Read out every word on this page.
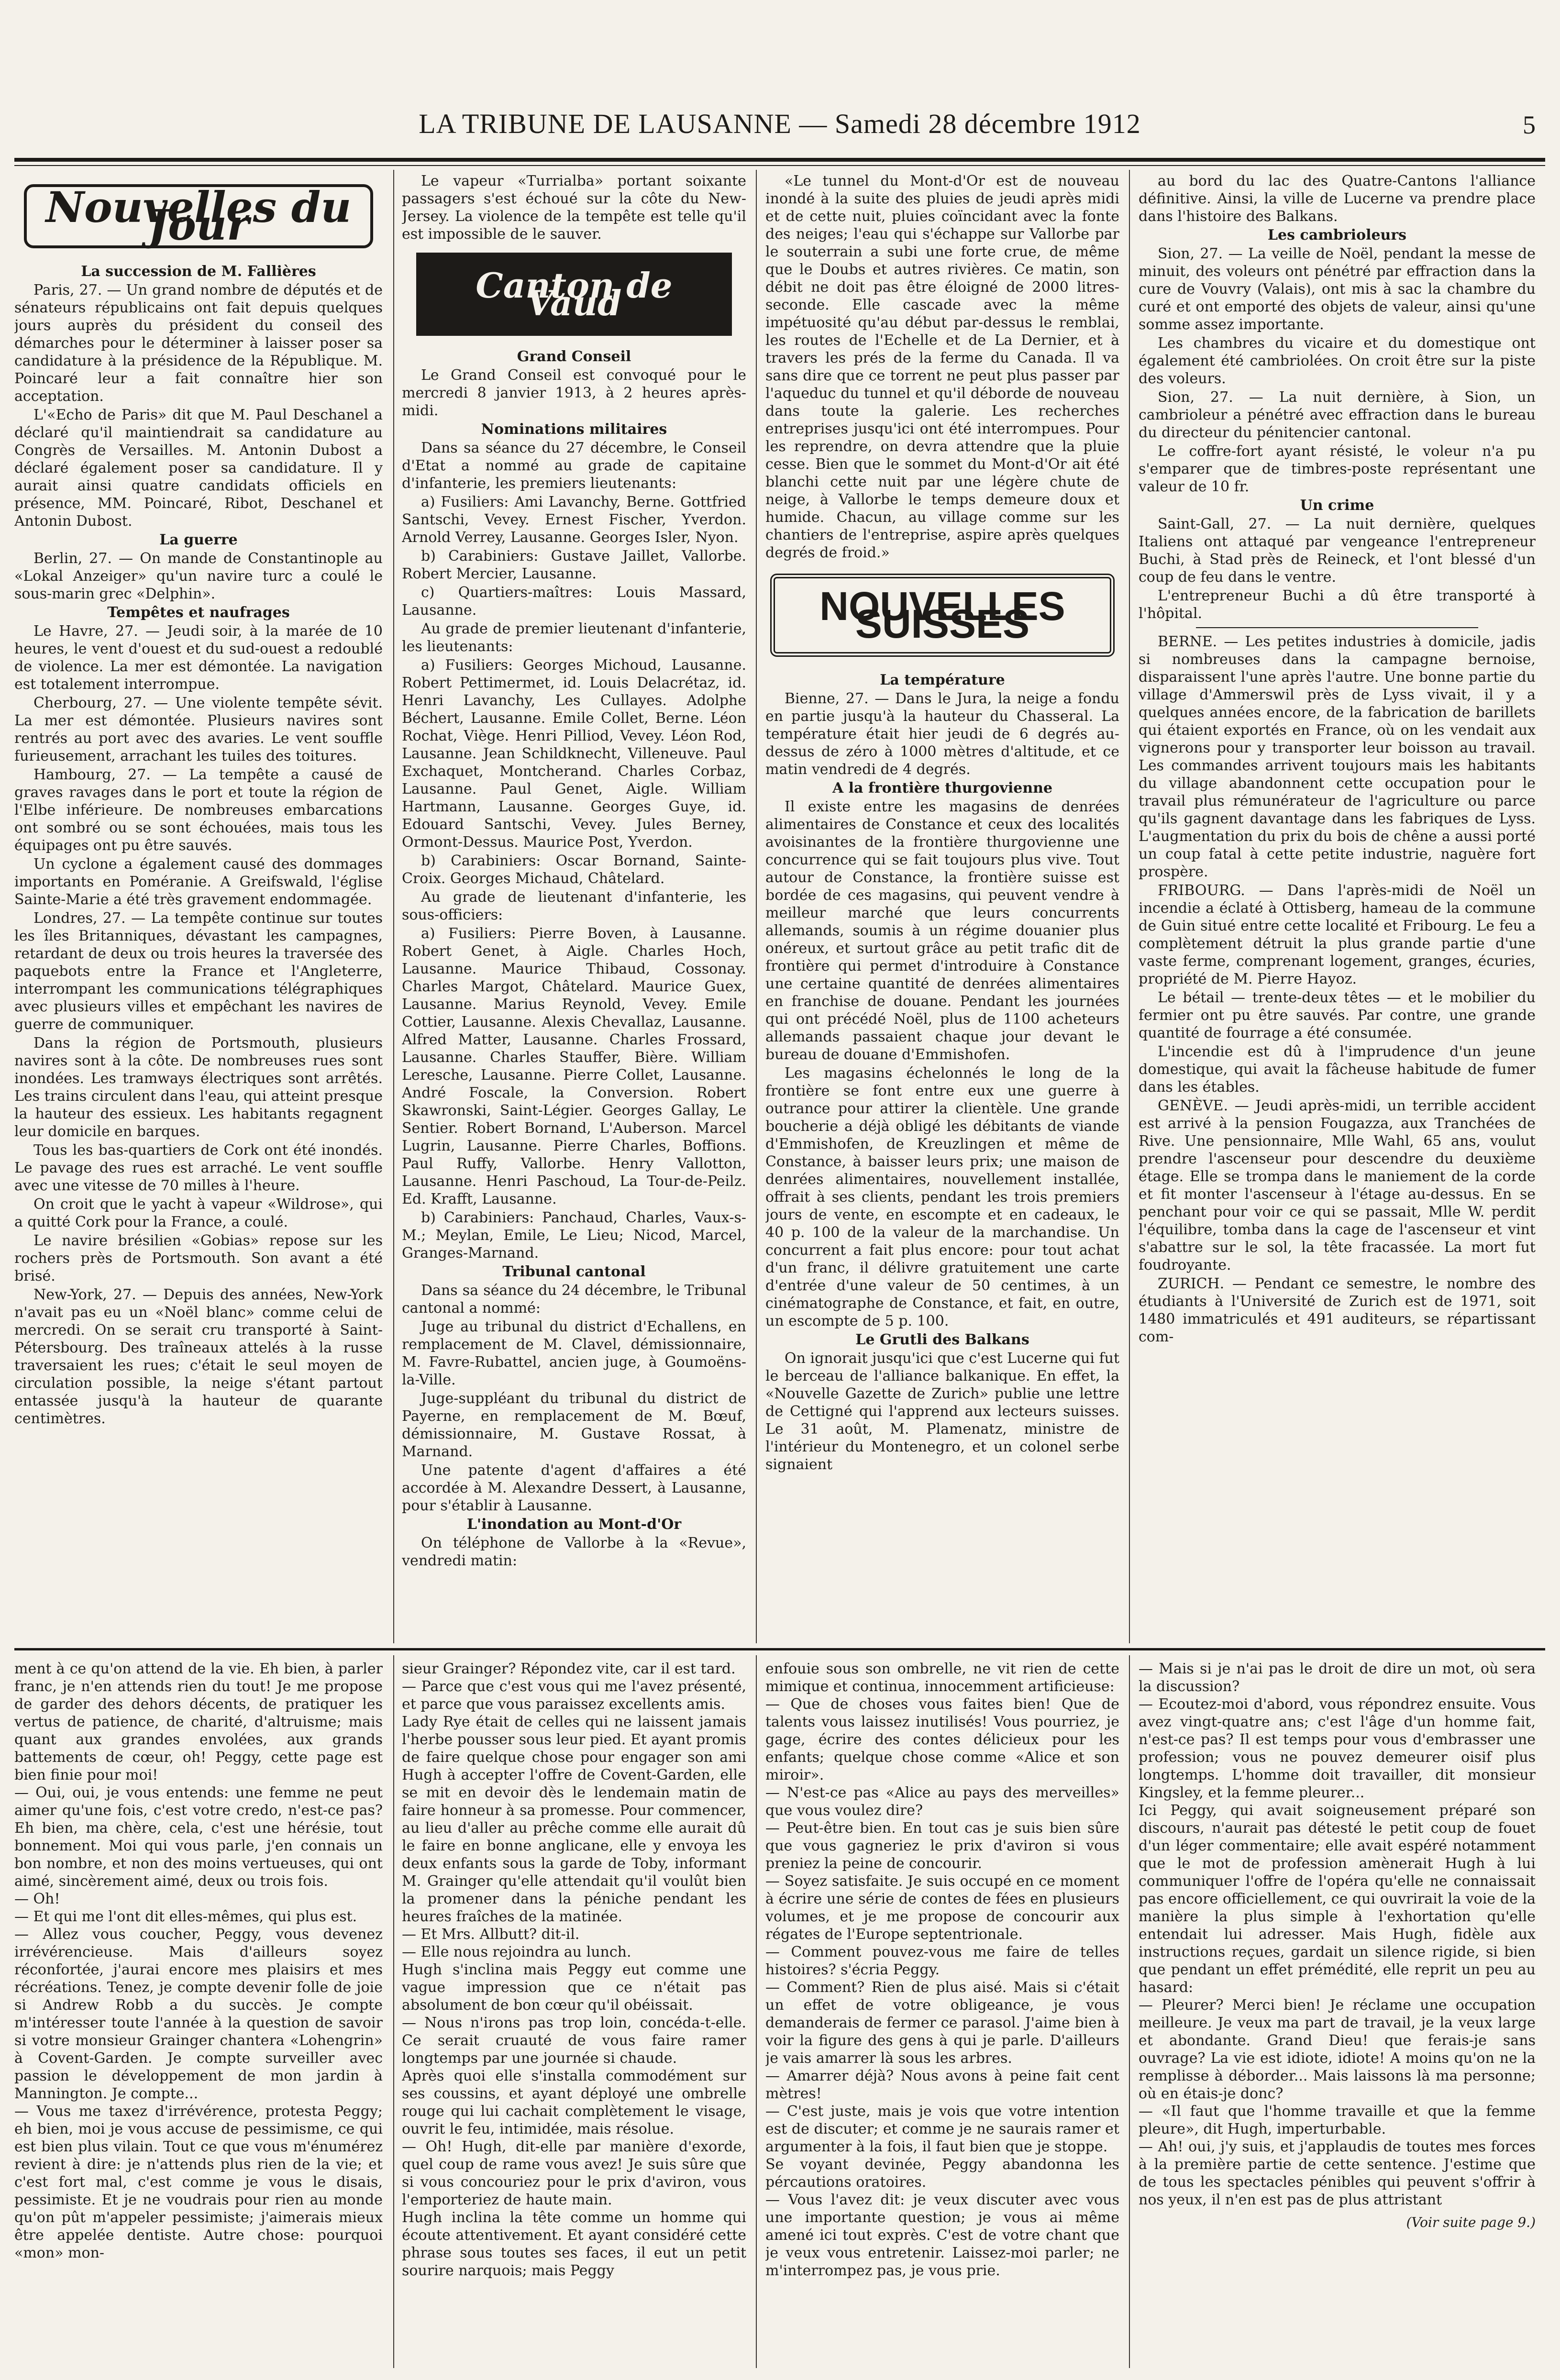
LA TRIBUNE DE LAUSANNE — Samedi 28 décembre 1912	5
Nouvelles du Jour

La succession de M. Fallières

Paris, 27. — Un grand nombre de députés et de sénateurs républicains ont fait depuis quelques jours auprès du président du conseil des démarches pour le déterminer à laisser poser sa candidature à la présidence de la République. M. Poincaré leur a fait connaître hier son acceptation.

L'«Echo de Paris» dit que M. Paul Deschanel a déclaré qu'il maintiendrait sa candidature au Congrès de Versailles. M. Antonin Dubost a déclaré également poser sa candidature. Il y aurait ainsi quatre candidats officiels en présence, MM. Poincaré, Ribot, Deschanel et Antonin Dubost.

La guerre

Berlin, 27. — On mande de Constantinople au «Lokal Anzeiger» qu'un navire turc a coulé le sous-marin grec «Delphin».

Tempêtes et naufrages

Le Havre, 27. — Jeudi soir, à la marée de 10 heures, le vent d'ouest et du sud-ouest a redoublé de violence. La mer est démontée. La navigation est totalement interrompue.

Cherbourg, 27. — Une violente tempête sévit. La mer est démontée. Plusieurs navires sont rentrés au port avec des avaries. Le vent souffle furieusement, arrachant les tuiles des toitures.

Hambourg, 27. — La tempête a causé de graves ravages dans le port et toute la région de l'Elbe inférieure. De nombreuses embarcations ont sombré ou se sont échouées, mais tous les équipages ont pu être sauvés.

Un cyclone a également causé des dommages importants en Poméranie. A Greifswald, l'église Sainte-Marie a été très gravement endommagée.

Londres, 27. — La tempête continue sur toutes les îles Britanniques, dévastant les campagnes, retardant de deux ou trois heures la traversée des paquebots entre la France et l'Angleterre, interrompant les communications télégraphiques avec plusieurs villes et empêchant les navires de guerre de communiquer.

Dans la région de Portsmouth, plusieurs navires sont à la côte. De nombreuses rues sont inondées. Les tramways électriques sont arrêtés. Les trains circulent dans l'eau, qui atteint presque la hauteur des essieux. Les habitants regagnent leur domicile en barques.

Tous les bas-quartiers de Cork ont été inondés. Le pavage des rues est arraché. Le vent souffle avec une vitesse de 70 milles à l'heure.

On croit que le yacht à vapeur «Wildrose», qui a quitté Cork pour la France, a coulé.

Le navire brésilien «Gobias» repose sur les rochers près de Portsmouth. Son avant a été brisé.

New-York, 27. — Depuis des années, New-York n'avait pas eu un «Noël blanc» comme celui de mercredi. On se serait cru transporté à Saint-Pétersbourg. Des traîneaux attelés à la russe traversaient les rues; c'était le seul moyen de circulation possible, la neige s'étant partout entassée jusqu'à la hauteur de quarante centimètres.

Le vapeur «Turrialba» portant soixante passagers s'est échoué sur la côte du New-Jersey. La violence de la tempête est telle qu'il est impossible de le sauver.

Canton de Vaud

Grand Conseil

Le Grand Conseil est convoqué pour le mercredi 8 janvier 1913, à 2 heures après-midi.

Nominations militaires

Dans sa séance du 27 décembre, le Conseil d'Etat a nommé au grade de capitaine d'infanterie, les premiers lieutenants:

a) Fusiliers: Ami Lavanchy, Berne. Gottfried Santschi, Vevey. Ernest Fischer, Yverdon. Arnold Verrey, Lausanne. Georges Isler, Nyon.

b) Carabiniers: Gustave Jaillet, Vallorbe. Robert Mercier, Lausanne.

c) Quartiers-maîtres: Louis Massard, Lausanne.

Au grade de premier lieutenant d'infanterie, les lieutenants:

a) Fusiliers: Georges Michoud, Lausanne. Robert Pettimermet, id. Louis Delacrétaz, id. Henri Lavanchy, Les Cullayes. Adolphe Béchert, Lausanne. Emile Collet, Berne. Léon Rochat, Viège. Henri Pilliod, Vevey. Léon Rod, Lausanne. Jean Schildknecht, Villeneuve. Paul Exchaquet, Montcherand. Charles Corbaz, Lausanne. Paul Genet, Aigle. William Hartmann, Lausanne. Georges Guye, id. Edouard Santschi, Vevey. Jules Berney, Ormont-Dessus. Maurice Post, Yverdon.

b) Carabiniers: Oscar Bornand, Sainte-Croix. Georges Michaud, Châtelard.

Au grade de lieutenant d'infanterie, les sous-officiers:

a) Fusiliers: Pierre Boven, à Lausanne. Robert Genet, à Aigle. Charles Hoch, Lausanne. Maurice Thibaud, Cossonay. Charles Margot, Châtelard. Maurice Guex, Lausanne. Marius Reynold, Vevey. Emile Cottier, Lausanne. Alexis Chevallaz, Lausanne. Alfred Matter, Lausanne. Charles Frossard, Lausanne. Charles Stauffer, Bière. William Leresche, Lausanne. Pierre Collet, Lausanne. André Foscale, la Conversion. Robert Skawronski, Saint-Légier. Georges Gallay, Le Sentier. Robert Bornand, L'Auberson. Marcel Lugrin, Lausanne. Pierre Charles, Boffions. Paul Ruffy, Vallorbe. Henry Vallotton, Lausanne. Henri Paschoud, La Tour-de-Peilz. Ed. Krafft, Lausanne.

b) Carabiniers: Panchaud, Charles, Vaux-s-M.; Meylan, Emile, Le Lieu; Nicod, Marcel, Granges-Marnand.

Tribunal cantonal

Dans sa séance du 24 décembre, le Tribunal cantonal a nommé:

Juge au tribunal du district d'Echallens, en remplacement de M. Clavel, démissionnaire, M. Favre-Rubattel, ancien juge, à Goumoëns-la-Ville.

Juge-suppléant du tribunal du district de Payerne, en remplacement de M. Bœuf, démissionnaire, M. Gustave Rossat, à Marnand.

Une patente d'agent d'affaires a été accordée à M. Alexandre Dessert, à Lausanne, pour s'établir à Lausanne.

L'inondation au Mont-d'Or

On téléphone de Vallorbe à la «Revue», vendredi matin:

«Le tunnel du Mont-d'Or est de nouveau inondé à la suite des pluies de jeudi après midi et de cette nuit, pluies coïncidant avec la fonte des neiges; l'eau qui s'échappe sur Vallorbe par le souterrain a subi une forte crue, de même que le Doubs et autres rivières. Ce matin, son débit ne doit pas être éloigné de 2000 litres-seconde. Elle cascade avec la même impétuosité qu'au début par-dessus le remblai, les routes de l'Echelle et de La Dernier, et à travers les prés de la ferme du Canada. Il va sans dire que ce torrent ne peut plus passer par l'aqueduc du tunnel et qu'il déborde de nouveau dans toute la galerie. Les recherches entreprises jusqu'ici ont été interrompues. Pour les reprendre, on devra attendre que la pluie cesse. Bien que le sommet du Mont-d'Or ait été blanchi cette nuit par une légère chute de neige, à Vallorbe le temps demeure doux et humide. Chacun, au village comme sur les chantiers de l'entreprise, aspire après quelques degrés de froid.»

NOUVELLES SUISSES

La température

Bienne, 27. — Dans le Jura, la neige a fondu en partie jusqu'à la hauteur du Chasseral. La température était hier jeudi de 6 degrés au-dessus de zéro à 1000 mètres d'altitude, et ce matin vendredi de 4 degrés.

A la frontière thurgovienne

Il existe entre les magasins de denrées alimentaires de Constance et ceux des localités avoisinantes de la frontière thurgovienne une concurrence qui se fait toujours plus vive. Tout autour de Constance, la frontière suisse est bordée de ces magasins, qui peuvent vendre à meilleur marché que leurs concurrents allemands, soumis à un régime douanier plus onéreux, et surtout grâce au petit trafic dit de frontière qui permet d'introduire à Constance une certaine quantité de denrées alimentaires en franchise de douane. Pendant les journées qui ont précédé Noël, plus de 1100 acheteurs allemands passaient chaque jour devant le bureau de douane d'Emmishofen.

Les magasins échelonnés le long de la frontière se font entre eux une guerre à outrance pour attirer la clientèle. Une grande boucherie a déjà obligé les débitants de viande d'Emmishofen, de Kreuzlingen et même de Constance, à baisser leurs prix; une maison de denrées alimentaires, nouvellement installée, offrait à ses clients, pendant les trois premiers jours de vente, en escompte et en cadeaux, le 40 p. 100 de la valeur de la marchandise. Un concurrent a fait plus encore: pour tout achat d'un franc, il délivre gratuitement une carte d'entrée d'une valeur de 50 centimes, à un cinématographe de Constance, et fait, en outre, un escompte de 5 p. 100.

Le Grutli des Balkans

On ignorait jusqu'ici que c'est Lucerne qui fut le berceau de l'alliance balkanique. En effet, la «Nouvelle Gazette de Zurich» publie une lettre de Cettigné qui l'apprend aux lecteurs suisses. Le 31 août, M. Plamenatz, ministre de l'intérieur du Montenegro, et un colonel serbe signaient

au bord du lac des Quatre-Cantons l'alliance définitive. Ainsi, la ville de Lucerne va prendre place dans l'histoire des Balkans.

Les cambrioleurs

Sion, 27. — La veille de Noël, pendant la messe de minuit, des voleurs ont pénétré par effraction dans la cure de Vouvry (Valais), ont mis à sac la chambre du curé et ont emporté des objets de valeur, ainsi qu'une somme assez importante.

Les chambres du vicaire et du domestique ont également été cambriolées. On croit être sur la piste des voleurs.

Sion, 27. — La nuit dernière, à Sion, un cambrioleur a pénétré avec effraction dans le bureau du directeur du pénitencier cantonal.

Le coffre-fort ayant résisté, le voleur n'a pu s'emparer que de timbres-poste représentant une valeur de 10 fr.

Un crime

Saint-Gall, 27. — La nuit dernière, quelques Italiens ont attaqué par vengeance l'entrepreneur Buchi, à Stad près de Reineck, et l'ont blessé d'un coup de feu dans le ventre.

L'entrepreneur Buchi a dû être transporté à l'hôpital.

BERNE. — Les petites industries à domicile, jadis si nombreuses dans la campagne bernoise, disparaissent l'une après l'autre. Une bonne partie du village d'Ammerswil près de Lyss vivait, il y a quelques années encore, de la fabrication de barillets qui étaient exportés en France, où on les vendait aux vignerons pour y transporter leur boisson au travail. Les commandes arrivent toujours mais les habitants du village abandonnent cette occupation pour le travail plus rémunérateur de l'agriculture ou parce qu'ils gagnent davantage dans les fabriques de Lyss. L'augmentation du prix du bois de chêne a aussi porté un coup fatal à cette petite industrie, naguère fort prospère.

FRIBOURG. — Dans l'après-midi de Noël un incendie a éclaté à Ottisberg, hameau de la commune de Guin situé entre cette localité et Fribourg. Le feu a complètement détruit la plus grande partie d'une vaste ferme, comprenant logement, granges, écuries, propriété de M. Pierre Hayoz.

Le bétail — trente-deux têtes — et le mobilier du fermier ont pu être sauvés. Par contre, une grande quantité de fourrage a été consumée.

L'incendie est dû à l'imprudence d'un jeune domestique, qui avait la fâcheuse habitude de fumer dans les étables.

GENÈVE. — Jeudi après-midi, un terrible accident est arrivé à la pension Fougazza, aux Tranchées de Rive. Une pensionnaire, Mlle Wahl, 65 ans, voulut prendre l'ascenseur pour descendre du deuxième étage. Elle se trompa dans le maniement de la corde et fit monter l'ascenseur à l'étage au-dessus. En se penchant pour voir ce qui se passait, Mlle W. perdit l'équilibre, tomba dans la cage de l'ascenseur et vint s'abattre sur le sol, la tête fracassée. La mort fut foudroyante.

ZURICH. — Pendant ce semestre, le nombre des étudiants à l'Université de Zurich est de 1971, soit 1480 immatriculés et 491 auditeurs, se répartissant com-

ment à ce qu'on attend de la vie. Eh bien, à parler franc, je n'en attends rien du tout! Je me propose de garder des dehors décents, de pratiquer les vertus de patience, de charité, d'altruisme; mais quant aux grandes envolées, aux grands battements de cœur, oh! Peggy, cette page est bien finie pour moi!
— Oui, oui, je vous entends: une femme ne peut aimer qu'une fois, c'est votre credo, n'est-ce pas? Eh bien, ma chère, cela, c'est une hérésie, tout bonnement. Moi qui vous parle, j'en connais un bon nombre, et non des moins vertueuses, qui ont aimé, sincèrement aimé, deux ou trois fois.
— Oh!
— Et qui me l'ont dit elles-mêmes, qui plus est.
— Allez vous coucher, Peggy, vous devenez irrévérencieuse. Mais d'ailleurs soyez réconfortée, j'aurai encore mes plaisirs et mes récréations. Tenez, je compte devenir folle de joie si Andrew Robb a du succès. Je compte m'intéresser toute l'année à la question de savoir si votre monsieur Grainger chantera «Lohengrin» à Covent-Garden. Je compte surveiller avec passion le développement de mon jardin à Mannington. Je compte...
— Vous me taxez d'irrévérence, protesta Peggy; eh bien, moi je vous accuse de pessimisme, ce qui est bien plus vilain. Tout ce que vous m'énumérez revient à dire: je n'attends plus rien de la vie; et c'est fort mal, c'est comme je vous le disais, pessimiste. Et je ne voudrais pour rien au monde qu'on pût m'appeler pessimiste; j'aimerais mieux être appelée dentiste. Autre chose: pourquoi «mon» mon-
sieur Grainger? Répondez vite, car il est tard.
— Parce que c'est vous qui me l'avez présenté, et parce que vous paraissez excellents amis.
Lady Rye était de celles qui ne laissent jamais l'herbe pousser sous leur pied. Et ayant promis de faire quelque chose pour engager son ami Hugh à accepter l'offre de Covent-Garden, elle se mit en devoir dès le lendemain matin de faire honneur à sa promesse. Pour commencer, au lieu d'aller au prêche comme elle aurait dû le faire en bonne anglicane, elle y envoya les deux enfants sous la garde de Toby, informant M. Grainger qu'elle attendait qu'il voulût bien la promener dans la péniche pendant les heures fraîches de la matinée.
— Et Mrs. Allbutt? dit-il.
— Elle nous rejoindra au lunch.
Hugh s'inclina mais Peggy eut comme une vague impression que ce n'était pas absolument de bon cœur qu'il obéissait.
— Nous n'irons pas trop loin, concéda-t-elle. Ce serait cruauté de vous faire ramer longtemps par une journée si chaude.
Après quoi elle s'installa commodément sur ses coussins, et ayant déployé une ombrelle rouge qui lui cachait complètement le visage, ouvrit le feu, intimidée, mais résolue.
— Oh! Hugh, dit-elle par manière d'exorde, quel coup de rame vous avez! Je suis sûre que si vous concouriez pour le prix d'aviron, vous l'emporteriez de haute main.
Hugh inclina la tête comme un homme qui écoute attentivement. Et ayant considéré cette phrase sous toutes ses faces, il eut un petit sourire narquois; mais Peggy
enfouie sous son ombrelle, ne vit rien de cette mimique et continua, innocemment artificieuse:
— Que de choses vous faites bien! Que de talents vous laissez inutilisés! Vous pourriez, je gage, écrire des contes délicieux pour les enfants; quelque chose comme «Alice et son miroir».
— N'est-ce pas «Alice au pays des merveilles» que vous voulez dire?
— Peut-être bien. En tout cas je suis bien sûre que vous gagneriez le prix d'aviron si vous preniez la peine de concourir.
— Soyez satisfaite. Je suis occupé en ce moment à écrire une série de contes de fées en plusieurs volumes, et je me propose de concourir aux régates de l'Europe septentrionale.
— Comment pouvez-vous me faire de telles histoires? s'écria Peggy.
— Comment? Rien de plus aisé. Mais si c'était un effet de votre obligeance, je vous demanderais de fermer ce parasol. J'aime bien à voir la figure des gens à qui je parle. D'ailleurs je vais amarrer là sous les arbres.
— Amarrer déjà? Nous avons à peine fait cent mètres!
— C'est juste, mais je vois que votre intention est de discuter; et comme je ne saurais ramer et argumenter à la fois, il faut bien que je stoppe.
Se voyant devinée, Peggy abandonna les pércautions oratoires.
— Vous l'avez dit: je veux discuter avec vous une importante question; je vous ai même amené ici tout exprès. C'est de votre chant que je veux vous entretenir. Laissez-moi parler; ne m'interrompez pas, je vous prie.
— Mais si je n'ai pas le droit de dire un mot, où sera la discussion?
— Ecoutez-moi d'abord, vous répondrez ensuite. Vous avez vingt-quatre ans; c'est l'âge d'un homme fait, n'est-ce pas? Il est temps pour vous d'embrasser une profession; vous ne pouvez demeurer oisif plus longtemps. L'homme doit travailler, dit monsieur Kingsley, et la femme pleurer...
Ici Peggy, qui avait soigneusement préparé son discours, n'aurait pas détesté le petit coup de fouet d'un léger commentaire; elle avait espéré notamment que le mot de profession amènerait Hugh à lui communiquer l'offre de l'opéra qu'elle ne connaissait pas encore officiellement, ce qui ouvrirait la voie de la manière la plus simple à l'exhortation qu'elle entendait lui adresser. Mais Hugh, fidèle aux instructions reçues, gardait un silence rigide, si bien que pendant un effet prémédité, elle reprit un peu au hasard:
— Pleurer? Merci bien! Je réclame une occupation meilleure. Je veux ma part de travail, je la veux large et abondante. Grand Dieu! que ferais-je sans ouvrage? La vie est idiote, idiote! A moins qu'on ne la remplisse à déborder... Mais laissons là ma personne; où en étais-je donc?
— «Il faut que l'homme travaille et que la femme pleure», dit Hugh, imperturbable.
— Ah! oui, j'y suis, et j'applaudis de toutes mes forces à la première partie de cette sentence. J'estime que de tous les spectacles pénibles qui peuvent s'offrir à nos yeux, il n'en est pas de plus attristant
(Voir suite page 9.)
